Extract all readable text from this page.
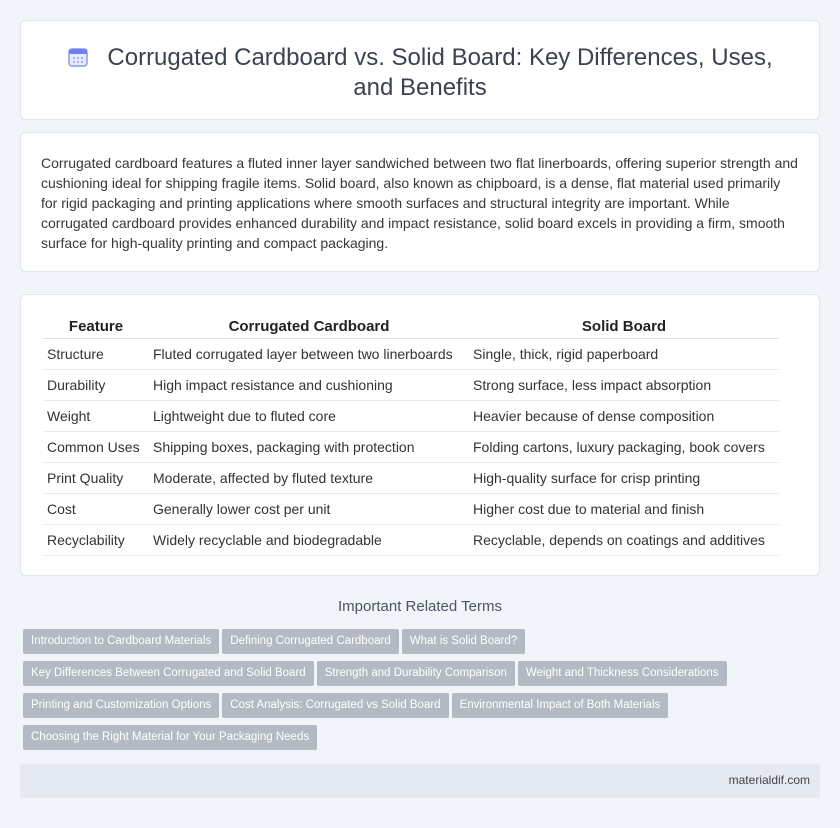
Corrugated Cardboard vs. Solid Board: Key Differences, Uses, and Benefits

Corrugated cardboard features a fluted inner layer sandwiched between two flat linerboards, offering superior strength and cushioning ideal for shipping fragile items. Solid board, also known as chipboard, is a dense, flat material used primarily for rigid packaging and printing applications where smooth surfaces and structural integrity are important. While corrugated cardboard provides enhanced durability and impact resistance, solid board excels in providing a firm, smooth surface for high-quality printing and compact packaging.

Feature	Corrugated Cardboard	Solid Board
Structure	Fluted corrugated layer between two linerboards	Single, thick, rigid paperboard
Durability	High impact resistance and cushioning	Strong surface, less impact absorption
Weight	Lightweight due to fluted core	Heavier because of dense composition
Common Uses	Shipping boxes, packaging with protection	Folding cartons, luxury packaging, book covers
Print Quality	Moderate, affected by fluted texture	High-quality surface for crisp printing
Cost	Generally lower cost per unit	Higher cost due to material and finish
Recyclability	Widely recyclable and biodegradable	Recyclable, depends on coatings and additives
Important Related Terms
Introduction to Cardboard Materials Defining Corrugated Cardboard What is Solid Board?
Key Differences Between Corrugated and Solid Board Strength and Durability Comparison Weight and Thickness Considerations
Printing and Customization Options Cost Analysis: Corrugated vs Solid Board Environmental Impact of Both Materials
Choosing the Right Material for Your Packaging Needs
materialdif.com
